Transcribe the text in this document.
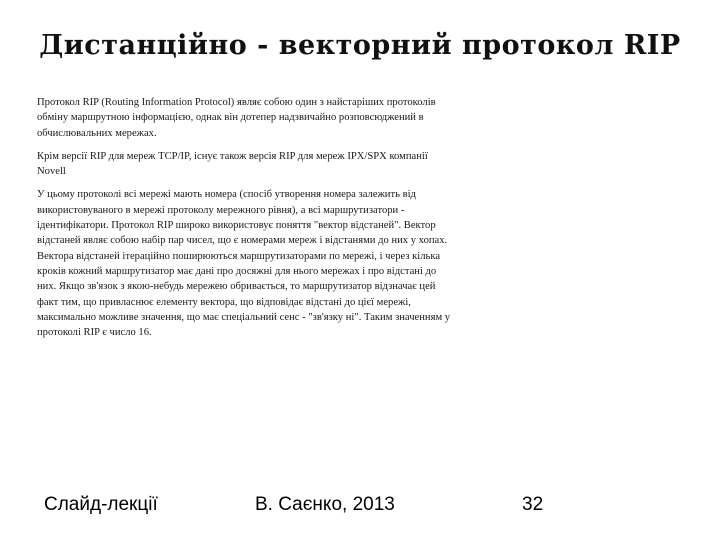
Дистанційно - векторний протокол RIP

Протокол RIP (Routing Information Protocol) являє собою один з найстаріших протоколів обміну маршрутною інформацією, однак він дотепер надзвичайно розповсюджений в обчислювальних мережах.

Крім версії RIP для мереж TCP/IP, існує також версія RIP для мереж IPX/SPX компанії Novell

У цьому протоколі всі мережі мають номера (спосіб утворення номера залежить від використовуваного в мережі протоколу мережного рівня), а всі маршрутизатори - ідентифікатори. Протокол RIP широко використовує поняття "вектор відстаней". Вектор відстаней являє собою набір пар чисел, що є номерами мереж і відстанями до них у хопах.

Вектора відстаней ітераційно поширюються маршрутизаторами по мережі, і через кілька кроків кожний маршрутизатор має дані про досяжні для нього мережах і про відстані до них. Якщо зв'язок з якою-небудь мережею обривається, то маршрутизатор відзначає цей факт тим, що привласнює елементу вектора, що відповідає відстані до цієї мережі, максимально можливе значення, що має спеціальний сенс - "зв'язку ні". Таким значенням у протоколі RIP є число 16.

Слайд-лекції	В. Саєнко, 2013	32
